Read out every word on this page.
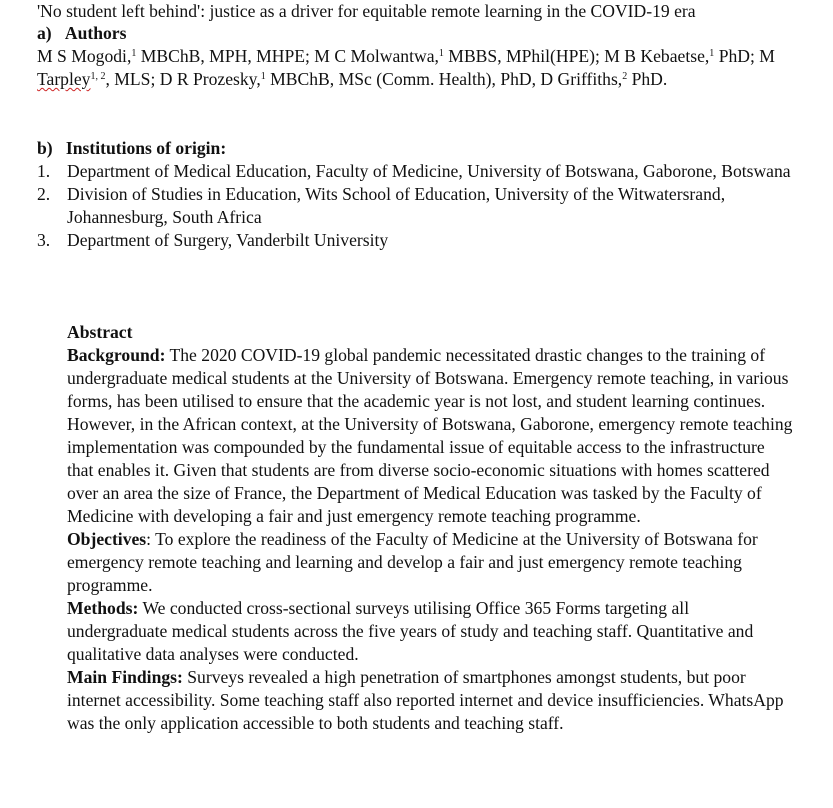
'No student left behind': justice as a driver for equitable remote learning in the COVID-19 era
a) Authors
M S Mogodi,$^1$ MBChB, MPH, MHPE; M C Molwantwa,$^1$ MBBS, MPhil(HPE); M B Kebaetse,$^1$ PhD; M Tarpley$^{1, 2}$, MLS; D R Prozesky,$^1$ MBChB, MSc (Comm. Health), PhD, D Griffiths,$^2$ PhD.
b) Institutions of origin:
1. Department of Medical Education, Faculty of Medicine, University of Botswana, Gaborone, Botswana
2. Division of Studies in Education, Wits School of Education, University of the Witwatersrand, Johannesburg, South Africa
3. Department of Surgery, Vanderbilt University
Abstract
Background: The 2020 COVID-19 global pandemic necessitated drastic changes to the training of undergraduate medical students at the University of Botswana. Emergency remote teaching, in various forms, has been utilised to ensure that the academic year is not lost, and student learning continues. However, in the African context, at the University of Botswana, Gaborone, emergency remote teaching implementation was compounded by the fundamental issue of equitable access to the infrastructure that enables it. Given that students are from diverse socio-economic situations with homes scattered over an area the size of France, the Department of Medical Education was tasked by the Faculty of Medicine with developing a fair and just emergency remote teaching programme.
Objectives: To explore the readiness of the Faculty of Medicine at the University of Botswana for emergency remote teaching and learning and develop a fair and just emergency remote teaching programme.
Methods: We conducted cross-sectional surveys utilising Office 365 Forms targeting all undergraduate medical students across the five years of study and teaching staff. Quantitative and qualitative data analyses were conducted.
Main Findings: Surveys revealed a high penetration of smartphones amongst students, but poor internet accessibility. Some teaching staff also reported internet and device insufficiencies. WhatsApp was the only application accessible to both students and teaching staff.
